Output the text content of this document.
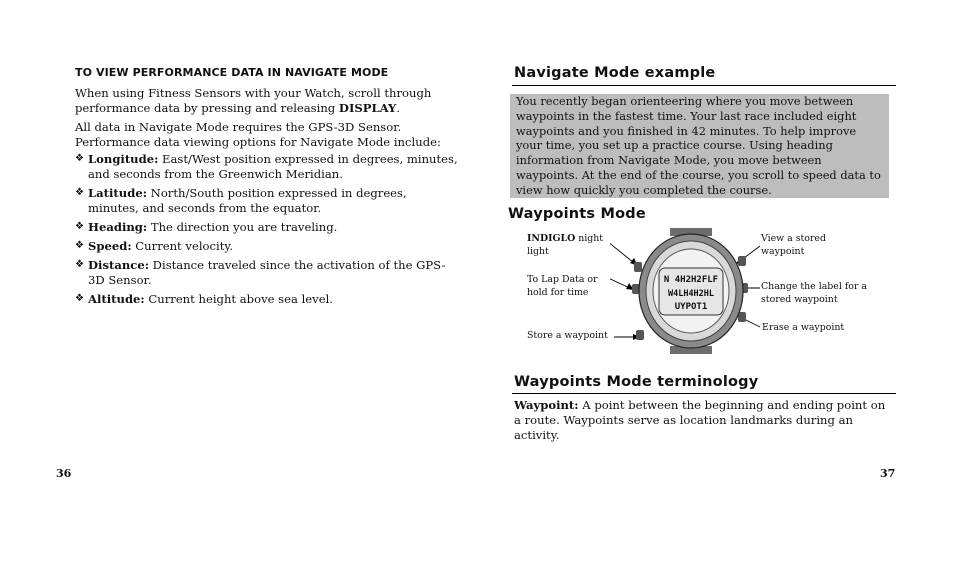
TO VIEW PERFORMANCE DATA IN NAVIGATE MODE
When using Fitness Sensors with your Watch, scroll through performance data by pressing and releasing DISPLAY.
All data in Navigate Mode requires the GPS-3D Sensor. Performance data viewing options for Navigate Mode include:
❖ Longitude: East/West position expressed in degrees, minutes, and seconds from the Greenwich Meridian.
❖ Latitude: North/South position expressed in degrees, minutes, and seconds from the equator.
❖ Heading: The direction you are traveling.
❖ Speed: Current velocity.
❖ Distance: Distance traveled since the activation of the GPS-3D Sensor.
❖ Altitude: Current height above sea level.
36
Navigate Mode example

You recently began orienteering where you move between waypoints in the fastest time. Your last race included eight waypoints and you finished in 42 minutes. To help improve your time, you set up a practice course. Using heading information from Navigate Mode, you move between waypoints. At the end of the course, you scroll to speed data to view how quickly you completed the course.

Waypoints Mode
INDIGLO night light
To Lap Data or hold for time
Store a waypoint
View a stored waypoint
Change the label for a stored waypoint
Erase a waypoint
N 4H2H2FLF
W4LH4H2HL
UYPOT1
Waypoints Mode terminology

Waypoint: A point between the beginning and ending point on a route. Waypoints serve as location landmarks during an activity.

37
